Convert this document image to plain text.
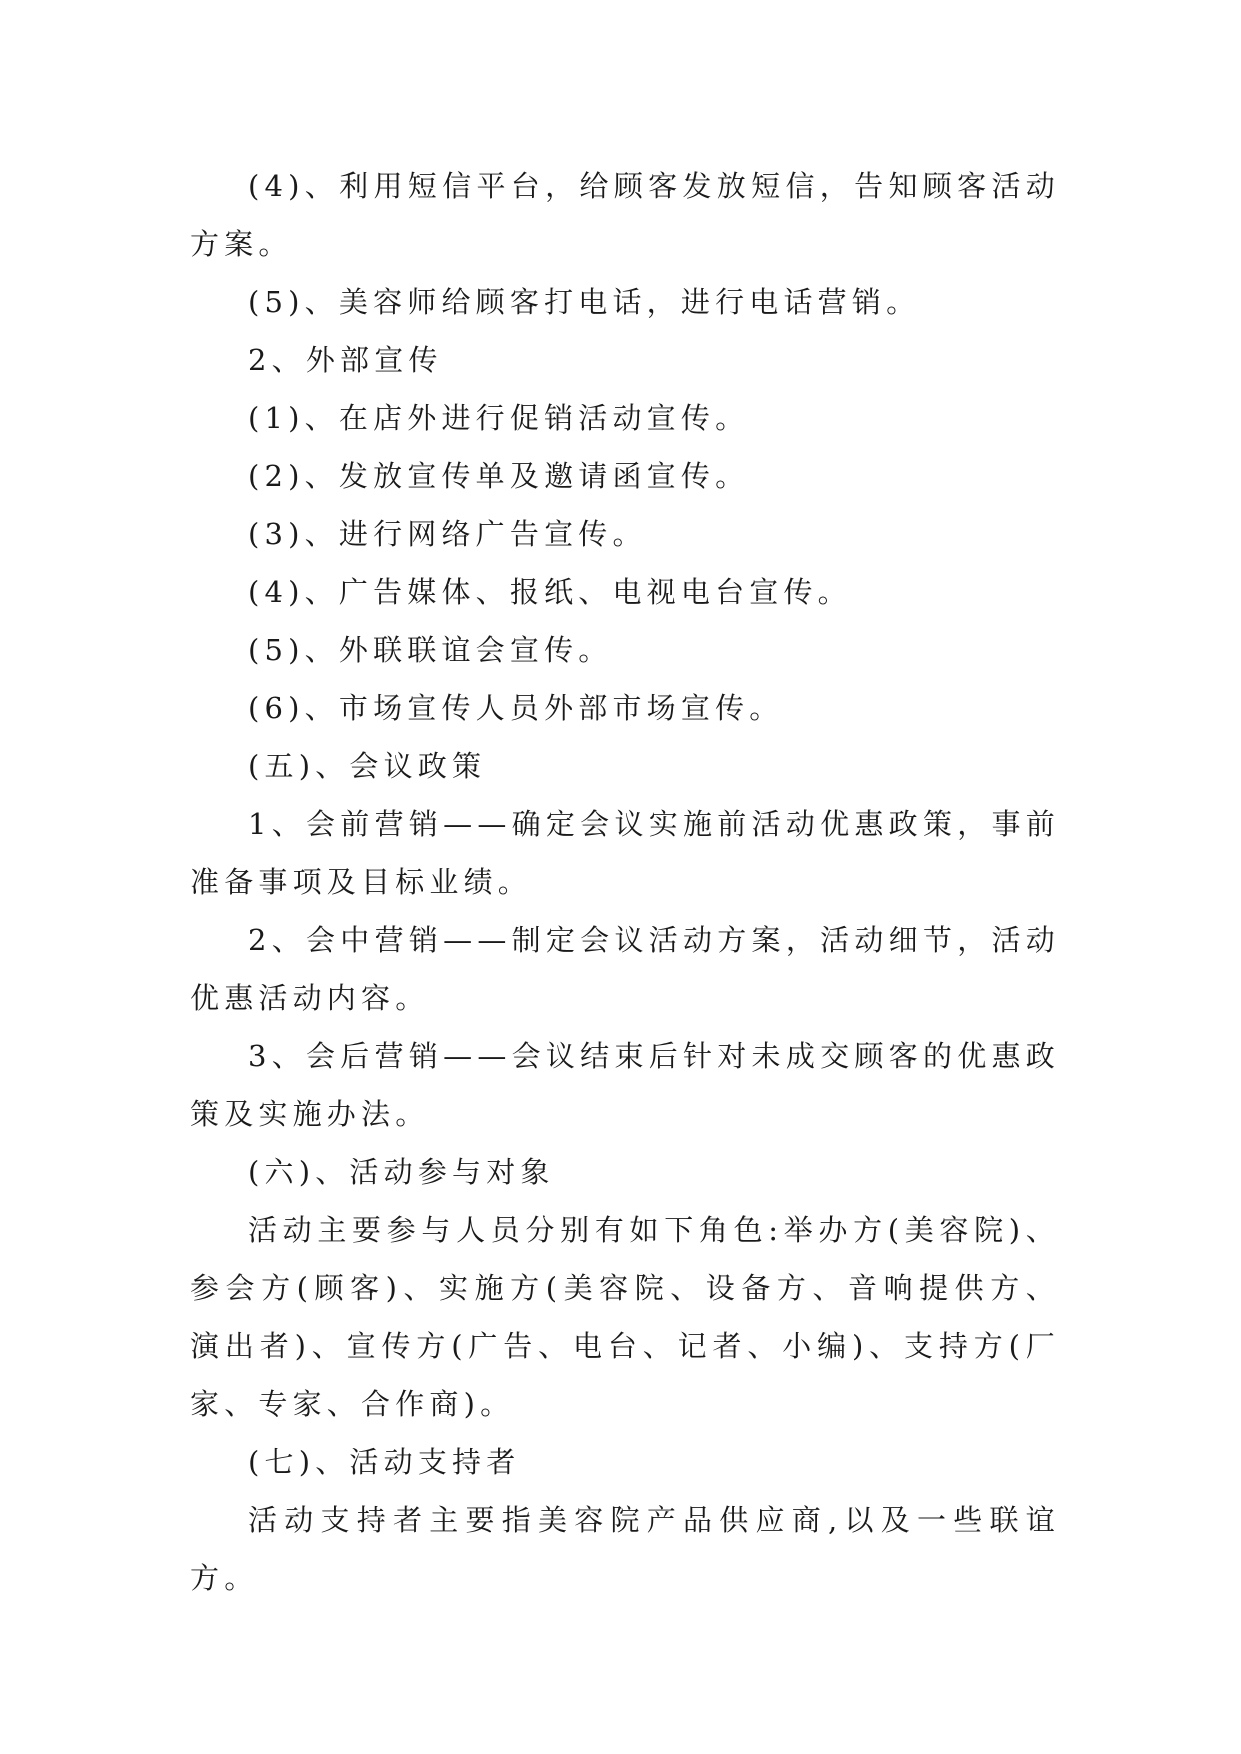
(4)、利用短信平台，给顾客发放短信，告知顾客活动方案。

(5)、美容师给顾客打电话，进行电话营销。

2、外部宣传

(1)、在店外进行促销活动宣传。

(2)、发放宣传单及邀请函宣传。

(3)、进行网络广告宣传。

(4)、广告媒体、报纸、电视电台宣传。

(5)、外联联谊会宣传。

(6)、市场宣传人员外部市场宣传。

(五)、会议政策

1、会前营销——确定会议实施前活动优惠政策，事前准备事项及目标业绩。

2、会中营销——制定会议活动方案，活动细节，活动优惠活动内容。

3、会后营销——会议结束后针对未成交顾客的优惠政策及实施办法。

(六)、活动参与对象

活动主要参与人员分别有如下角色:举办方(美容院)、参会方(顾客)、实施方(美容院、设备方、音响提供方、演出者)、宣传方(广告、电台、记者、小编)、支持方(厂家、专家、合作商)。

(七)、活动支持者

活动支持者主要指美容院产品供应商,以及一些联谊方。
